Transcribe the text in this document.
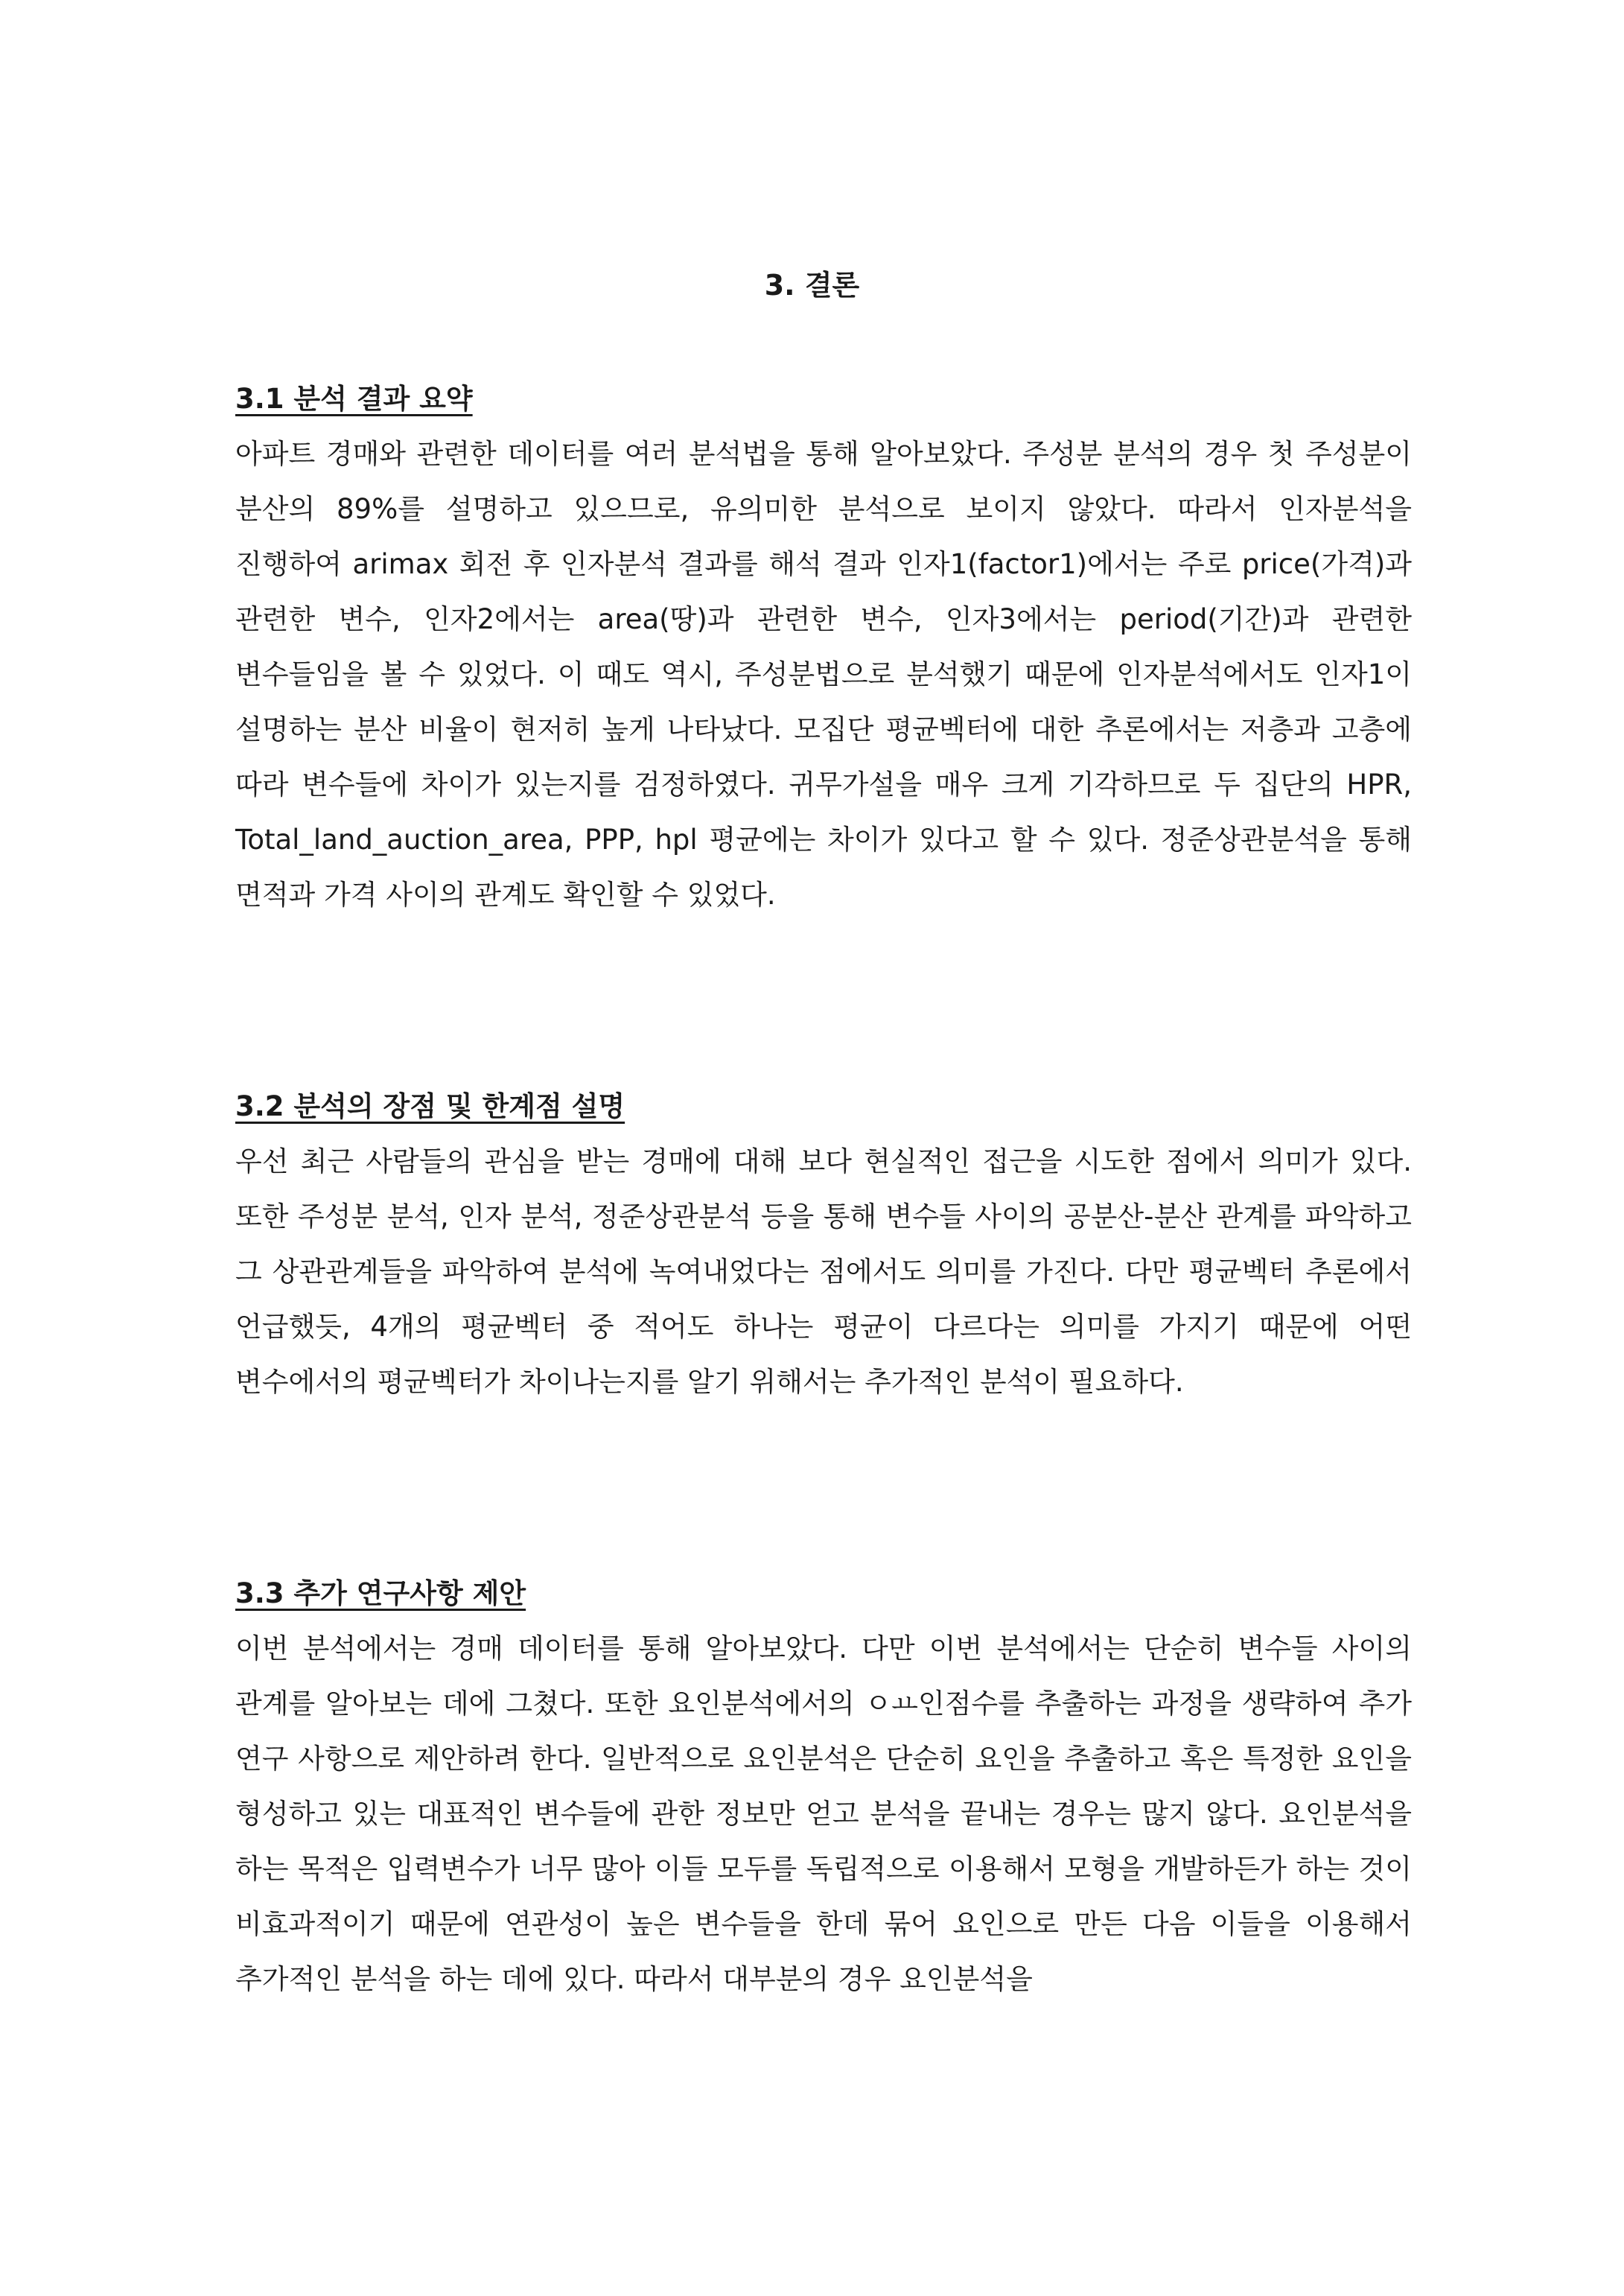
3. 결론
3.1 분석 결과 요약

아파트 경매와 관련한 데이터를 여러 분석법을 통해 알아보았다. 주성분 분석의 경우 첫 주성분이 분산의 89%를 설명하고 있으므로, 유의미한 분석으로 보이지 않았다. 따라서 인자분석을 진행하여 arimax 회전 후 인자분석 결과를 해석 결과 인자1(factor1)에서는 주로 price(가격)과 관련한 변수, 인자2에서는 area(땅)과 관련한 변수, 인자3에서는 period(기간)과 관련한 변수들임을 볼 수 있었다. 이 때도 역시, 주성분법으로 분석했기 때문에 인자분석에서도 인자1이 설명하는 분산 비율이 현저히 높게 나타났다. 모집단 평균벡터에 대한 추론에서는 저층과 고층에 따라 변수들에 차이가 있는지를 검정하였다. 귀무가설을 매우 크게 기각하므로 두 집단의 HPR, Total_land_auction_area, PPP, hpl 평균에는 차이가 있다고 할 수 있다. 정준상관분석을 통해 면적과 가격 사이의 관계도 확인할 수 있었다.

3.2 분석의 장점 및 한계점 설명

우선 최근 사람들의 관심을 받는 경매에 대해 보다 현실적인 접근을 시도한 점에서 의미가 있다. 또한 주성분 분석, 인자 분석, 정준상관분석 등을 통해 변수들 사이의 공분산-분산 관계를 파악하고 그 상관관계들을 파악하여 분석에 녹여내었다는 점에서도 의미를 가진다. 다만 평균벡터 추론에서 언급했듯, 4개의 평균벡터 중 적어도 하나는 평균이 다르다는 의미를 가지기 때문에 어떤 변수에서의 평균벡터가 차이나는지를 알기 위해서는 추가적인 분석이 필요하다.

3.3 추가 연구사항 제안

이번 분석에서는 경매 데이터를 통해 알아보았다. 다만 이번 분석에서는 단순히 변수들 사이의 관계를 알아보는 데에 그쳤다. 또한 요인분석에서의 ㅇㅛ인점수를 추출하는 과정을 생략하여 추가 연구 사항으로 제안하려 한다. 일반적으로 요인분석은 단순히 요인을 추출하고 혹은 특정한 요인을 형성하고 있는 대표적인 변수들에 관한 정보만 얻고 분석을 끝내는 경우는 많지 않다. 요인분석을 하는 목적은 입력변수가 너무 많아 이들 모두를 독립적으로 이용해서 모형을 개발하든가 하는 것이 비효과적이기 때문에 연관성이 높은 변수들을 한데 묶어 요인으로 만든 다음 이들을 이용해서 추가적인 분석을 하는 데에 있다. 따라서 대부분의 경우 요인분석을
